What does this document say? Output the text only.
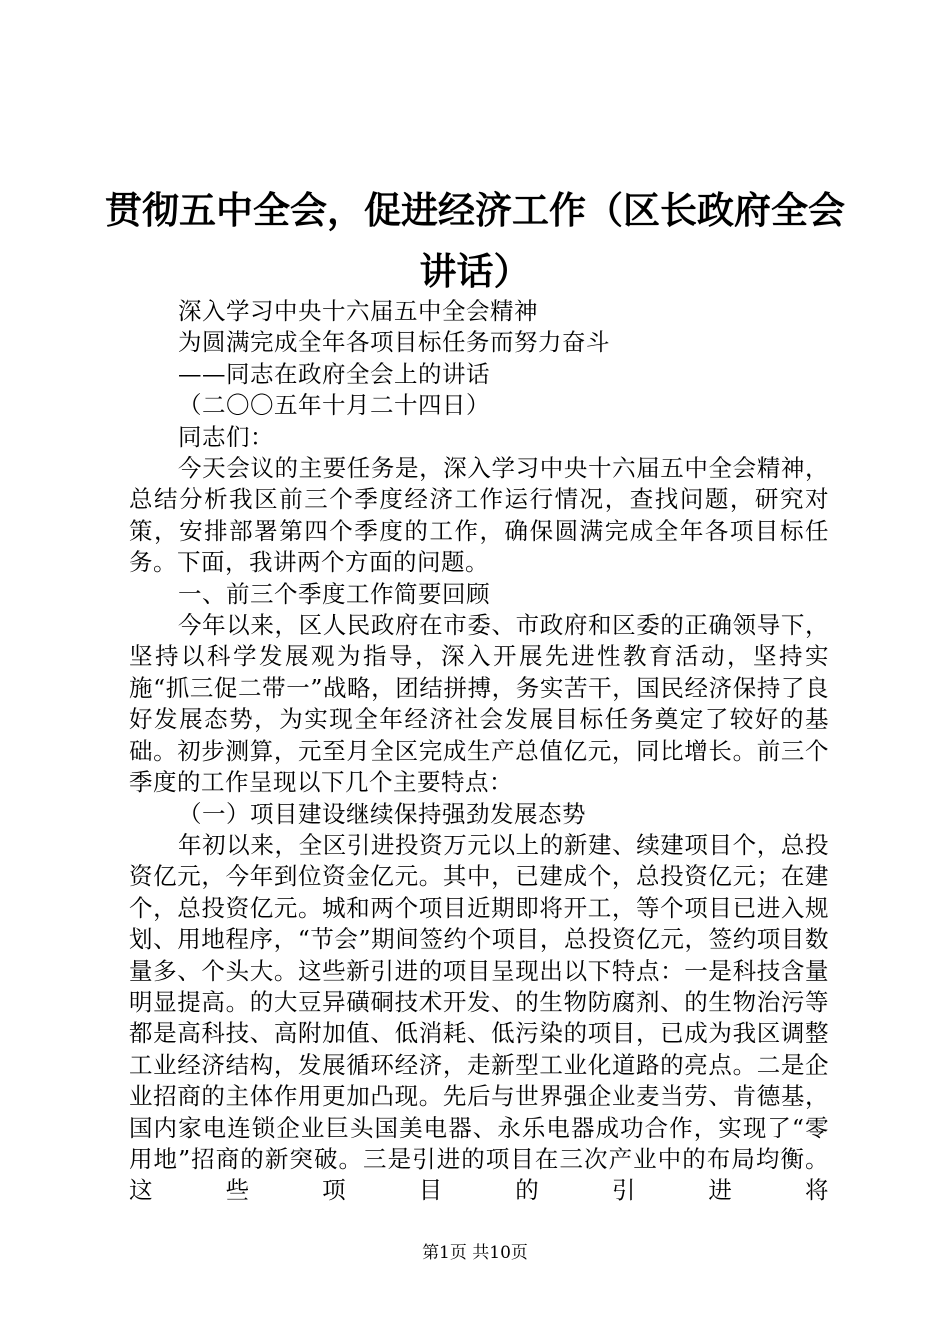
贯彻五中全会，促进经济工作（区长政府全会
讲话）

深入学习中央十六届五中全会精神

为圆满完成全年各项目标任务而努力奋斗

——同志在政府全会上的讲话

（二〇〇五年十月二十四日）

同志们：

今天会议的主要任务是，深入学习中央十六届五中全会精神，总结分析我区前三个季度经济工作运行情况，查找问题，研究对策，安排部署第四个季度的工作，确保圆满完成全年各项目标任务。下面，我讲两个方面的问题。

一、前三个季度工作简要回顾

今年以来，区人民政府在市委、市政府和区委的正确领导下，坚持以科学发展观为指导，深入开展先进性教育活动，坚持实施“抓三促二带一”战略，团结拼搏，务实苦干，国民经济保持了良好发展态势，为实现全年经济社会发展目标任务奠定了较好的基础。初步测算，元至月全区完成生产总值亿元，同比增长。前三个季度的工作呈现以下几个主要特点：

（一）项目建设继续保持强劲发展态势

年初以来，全区引进投资万元以上的新建、续建项目个，总投资亿元，今年到位资金亿元。其中，已建成个，总投资亿元；在建个，总投资亿元。城和两个项目近期即将开工，等个项目已进入规划、用地程序，“节会”期间签约个项目，总投资亿元，签约项目数量多、个头大。这些新引进的项目呈现出以下特点：一是科技含量明显提高。的大豆异磺硐技术开发、的生物防腐剂、的生物治污等都是高科技、高附加值、低消耗、低污染的项目，已成为我区调整工业经济结构，发展循环经济，走新型工业化道路的亮点。二是企业招商的主体作用更加凸现。先后与世界强企业麦当劳、肯德基，国内家电连锁企业巨头国美电器、永乐电器成功合作，实现了“零用地”招商的新突破。三是引进的项目在三次产业中的布局均衡。这些项目的引进将

第1页 共10页
